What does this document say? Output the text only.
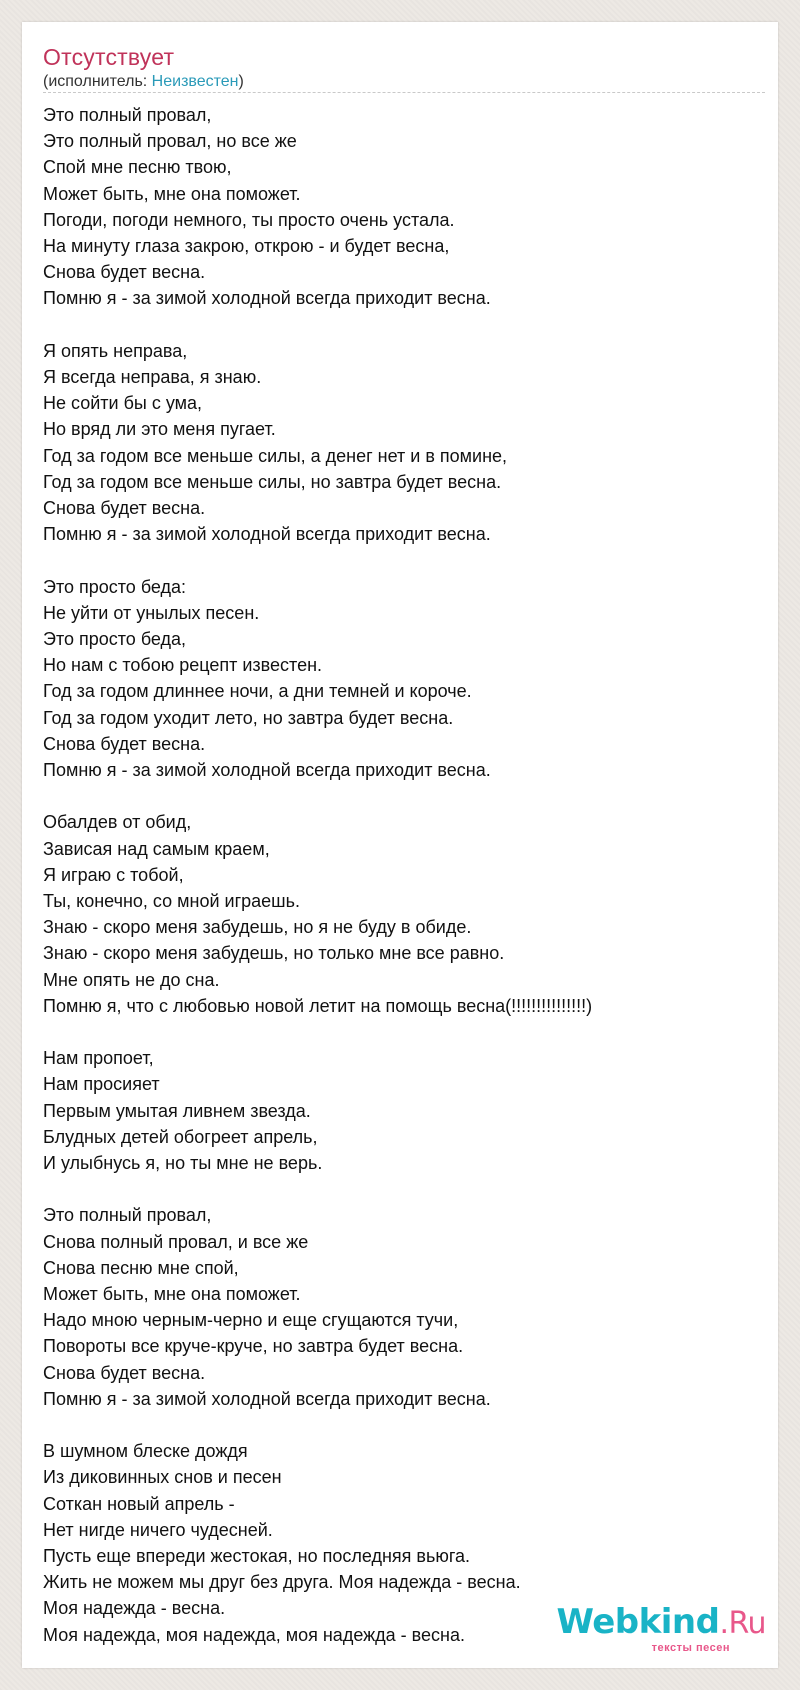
Отсутствует
(исполнитель: Неизвестен)
Это полный провал,
Это полный провал, но все же
Спой мне песню твою,
Может быть, мне она поможет.
Погоди, погоди немного, ты просто очень устала.
На минуту глаза закрою, открою - и будет весна,
Снова будет весна.
Помню я - за зимой холодной всегда приходит весна.
Я опять неправа,
Я всегда неправа, я знаю.
Не сойти бы с ума,
Но вряд ли это меня пугает.
Год за годом все меньше силы, а денег нет и в помине,
Год за годом все меньше силы, но завтра будет весна.
Снова будет весна.
Помню я - за зимой холодной всегда приходит весна.
Это просто беда:
Не уйти от унылых песен.
Это просто беда,
Но нам с тобою рецепт известен.
Год за годом длиннее ночи, а дни темней и короче.
Год за годом уходит лето, но завтра будет весна.
Снова будет весна.
Помню я - за зимой холодной всегда приходит весна.
Обалдев от обид,
Зависая над самым краем,
Я играю с тобой,
Ты, конечно, со мной играешь.
Знаю - скоро меня забудешь, но я не буду в обиде.
Знаю - скоро меня забудешь, но только мне все равно.
Мне опять не до сна.
Помню я, что с любовью новой летит на помощь весна(!!!!!!!!!!!!!!!)
Нам пропоет,
Нам просияет
Первым умытая ливнем звезда.
Блудных детей обогреет апрель,
И улыбнусь я, но ты мне не верь.
Это полный провал,
Снова полный провал, и все же
Снова песню мне спой,
Может быть, мне она поможет.
Надо мною черным-черно и еще сгущаются тучи,
Повороты все круче-круче, но завтра будет весна.
Снова будет весна.
Помню я - за зимой холодной всегда приходит весна.
В шумном блеске дождя
Из диковинных снов и песен
Соткан новый апрель -
Нет нигде ничего чудесней.
Пусть еще впереди жестокая, но последняя вьюга.
Жить не можем мы друг без друга. Моя надежда - весна.
Моя надежда - весна.
Моя надежда, моя надежда, моя надежда - весна.	Webkind.Ru
тексты песен
